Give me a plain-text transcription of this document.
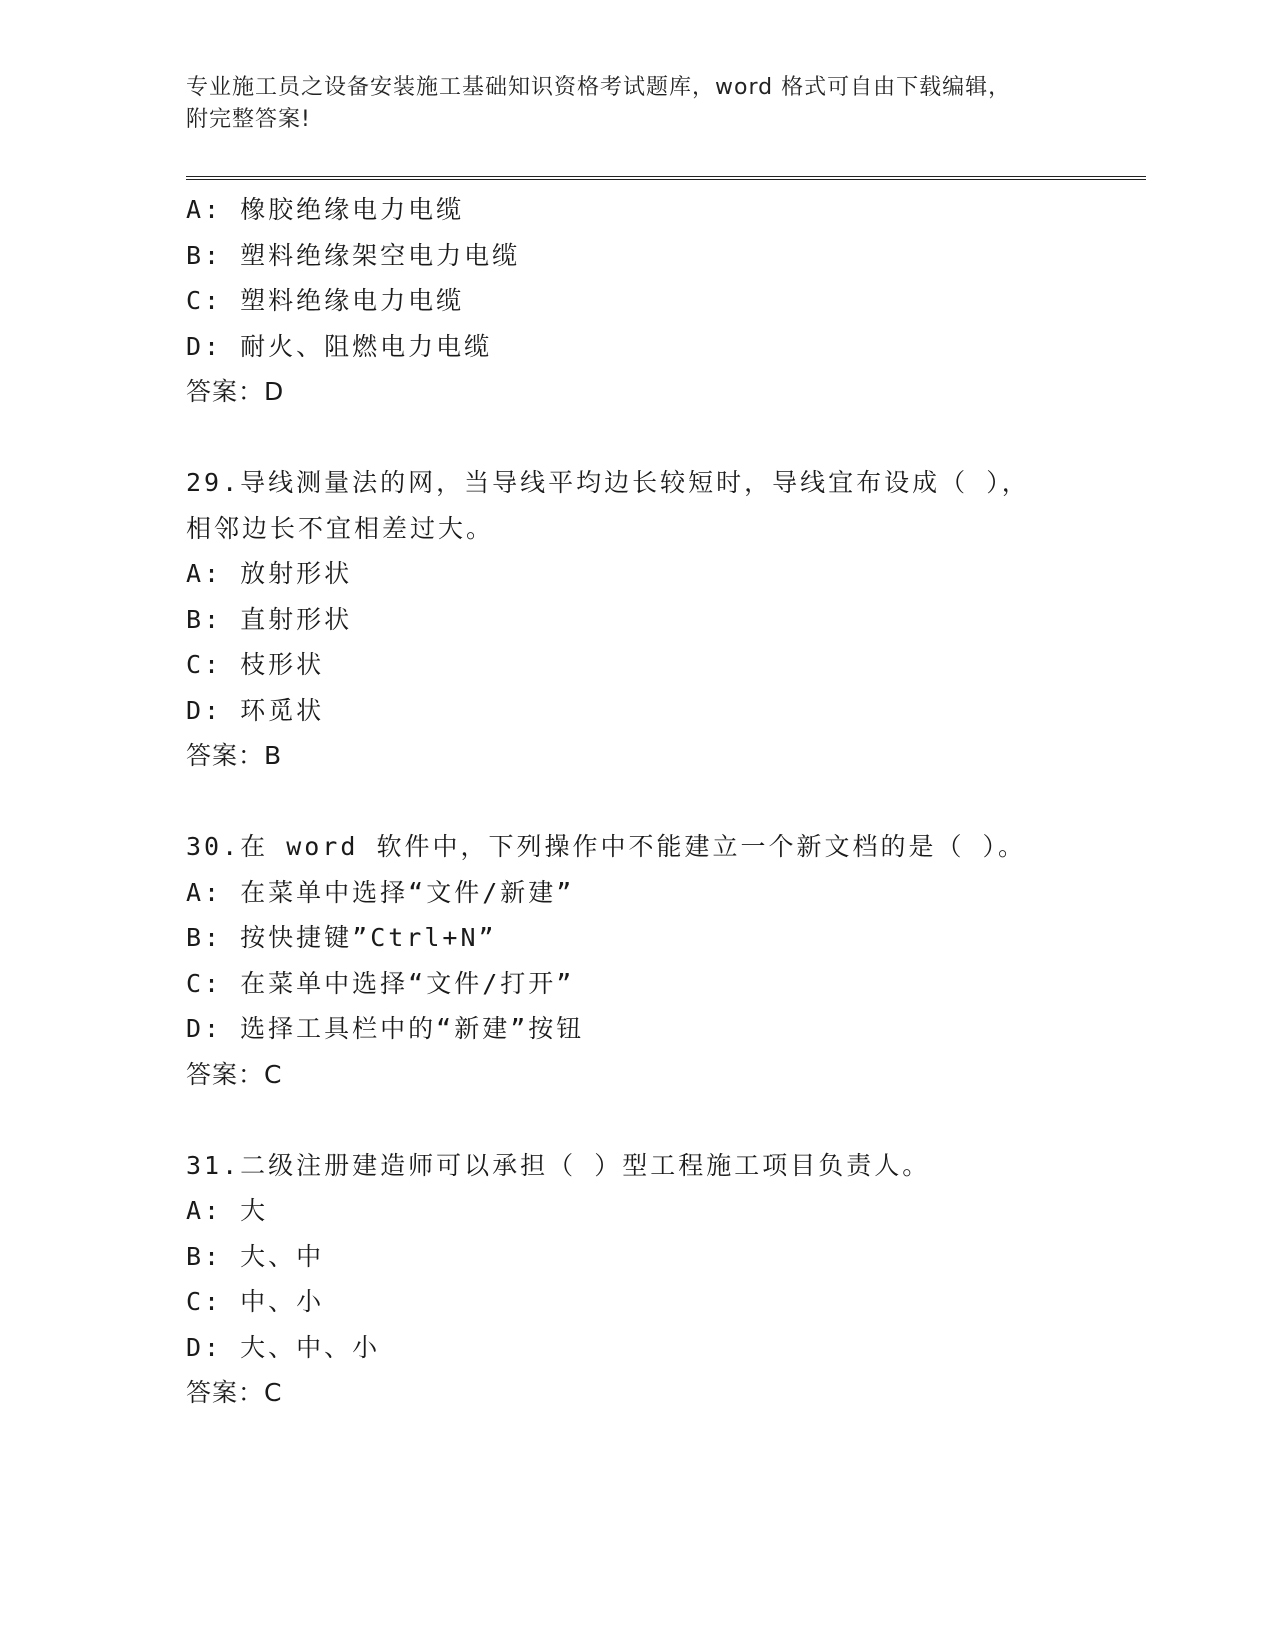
专业施工员之设备安装施工基础知识资格考试题库，word 格式可自由下载编辑，
附完整答案!
A: 橡胶绝缘电力电缆
B: 塑料绝缘架空电力电缆
C: 塑料绝缘电力电缆
D: 耐火、阻燃电力电缆
答案：D
29.导线测量法的网，当导线平均边长较短时，导线宜布设成（ ），
相邻边长不宜相差过大。
A: 放射形状
B: 直射形状
C: 枝形状
D: 环觅状
答案：B
30.在 word 软件中，下列操作中不能建立一个新文档的是（ ）。
A: 在菜单中选择“文件/新建”
B: 按快捷键”Ctrl+N”
C: 在菜单中选择“文件/打开”
D: 选择工具栏中的“新建”按钮
答案：C
31.二级注册建造师可以承担（ ）型工程施工项目负责人。
A: 大
B: 大、中
C: 中、小
D: 大、中、小
答案：C
